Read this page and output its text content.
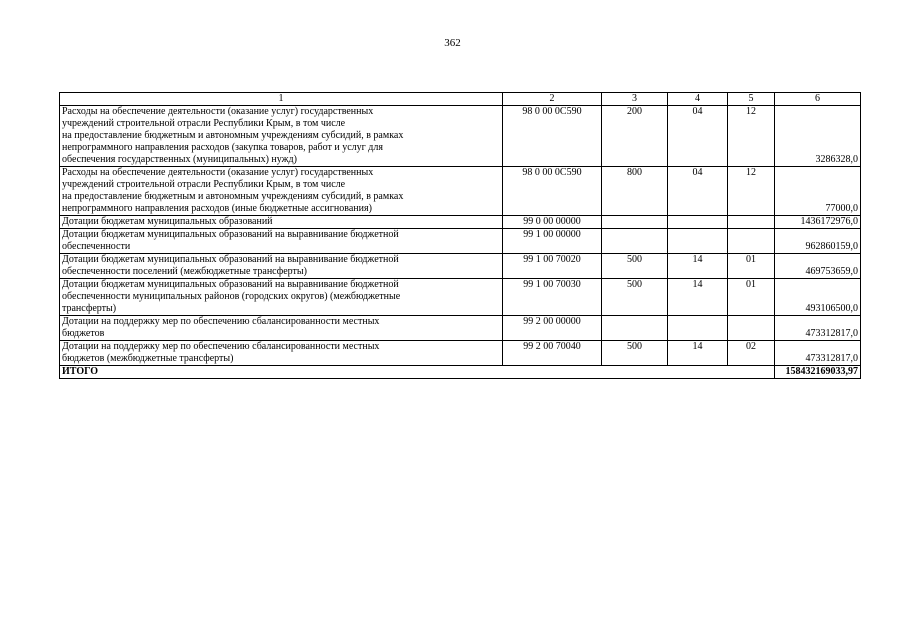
362
1	2	3	4	5	6

Расходы на обеспечение деятельности (оказание услуг) государственных
учреждений строительной отрасли Республики Крым, в том числе
на предоставление бюджетным и автономным учреждениям субсидий, в рамках
непрограммного направления расходов (закупка товаров, работ и услуг для
обеспечения государственных (муниципальных) нужд)	98 0 00 0С590	200	04	12	3286328,0

Расходы на обеспечение деятельности (оказание услуг) государственных
учреждений строительной отрасли Республики Крым, в том числе
на предоставление бюджетным и автономным учреждениям субсидий, в рамках
непрограммного направления расходов (иные бюджетные ассигнования)	98 0 00 0С590	800	04	12	77000,0

Дотации бюджетам муниципальных образований	99 0 00 00000				1436172976,0

Дотации бюджетам муниципальных образований на выравнивание бюджетной
обеспеченности	99 1 00 00000				962860159,0

Дотации бюджетам муниципальных образований на выравнивание бюджетной
обеспеченности поселений (межбюджетные трансферты)	99 1 00 70020	500	14	01	469753659,0

Дотации бюджетам муниципальных образований на выравнивание бюджетной
обеспеченности муниципальных районов (городских округов) (межбюджетные
трансферты)	99 1 00 70030	500	14	01	493106500,0

Дотации на поддержку мер по обеспечению сбалансированности местных
бюджетов	99 2 00 00000				473312817,0

Дотации на поддержку мер по обеспечению сбалансированности местных
бюджетов (межбюджетные трансферты)	99 2 00 70040	500	14	02	473312817,0
ИТОГО					158432169033,97
